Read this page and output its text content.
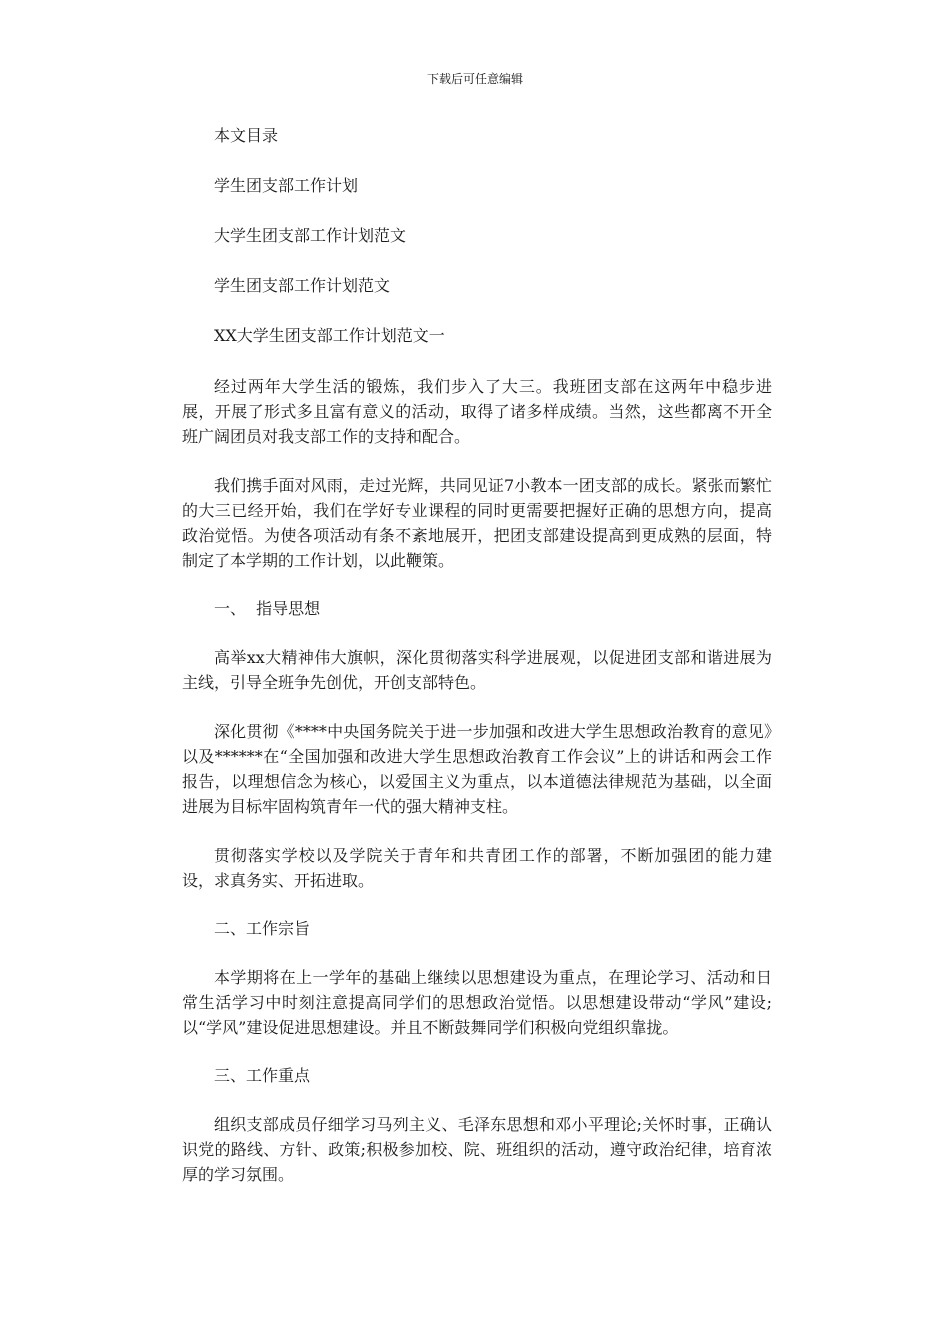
下载后可任意编辑

本文目录

学生团支部工作计划

大学生团支部工作计划范文

学生团支部工作计划范文

XX大学生团支部工作计划范文一

经过两年大学生活的锻炼，我们步入了大三。我班团支部在这两年中稳步进展，开展了形式多且富有意义的活动，取得了诸多样成绩。当然，这些都离不开全班广阔团员对我支部工作的支持和配合。

我们携手面对风雨，走过光辉，共同见证7小教本一团支部的成长。紧张而繁忙的大三已经开始，我们在学好专业课程的同时更需要把握好正确的思想方向，提高政治觉悟。为使各项活动有条不紊地展开，把团支部建设提高到更成熟的层面，特制定了本学期的工作计划，以此鞭策。

一、  指导思想

高举xx大精神伟大旗帜，深化贯彻落实科学进展观，以促进团支部和谐进展为主线，引导全班争先创优，开创支部特色。

深化贯彻《****中央国务院关于进一步加强和改进大学生思想政治教育的意见》以及******在“全国加强和改进大学生思想政治教育工作会议”上的讲话和两会工作报告，以理想信念为核心，以爱国主义为重点，以本道德法律规范为基础，以全面进展为目标牢固构筑青年一代的强大精神支柱。

贯彻落实学校以及学院关于青年和共青团工作的部署，不断加强团的能力建设，求真务实、开拓进取。

二、工作宗旨

本学期将在上一学年的基础上继续以思想建设为重点，在理论学习、活动和日常生活学习中时刻注意提高同学们的思想政治觉悟。以思想建设带动“学风”建设;以“学风”建设促进思想建设。并且不断鼓舞同学们积极向党组织靠拢。

三、工作重点

组织支部成员仔细学习马列主义、毛泽东思想和邓小平理论;关怀时事，正确认识党的路线、方针、政策;积极参加校、院、班组织的活动，遵守政治纪律，培育浓厚的学习氛围。
